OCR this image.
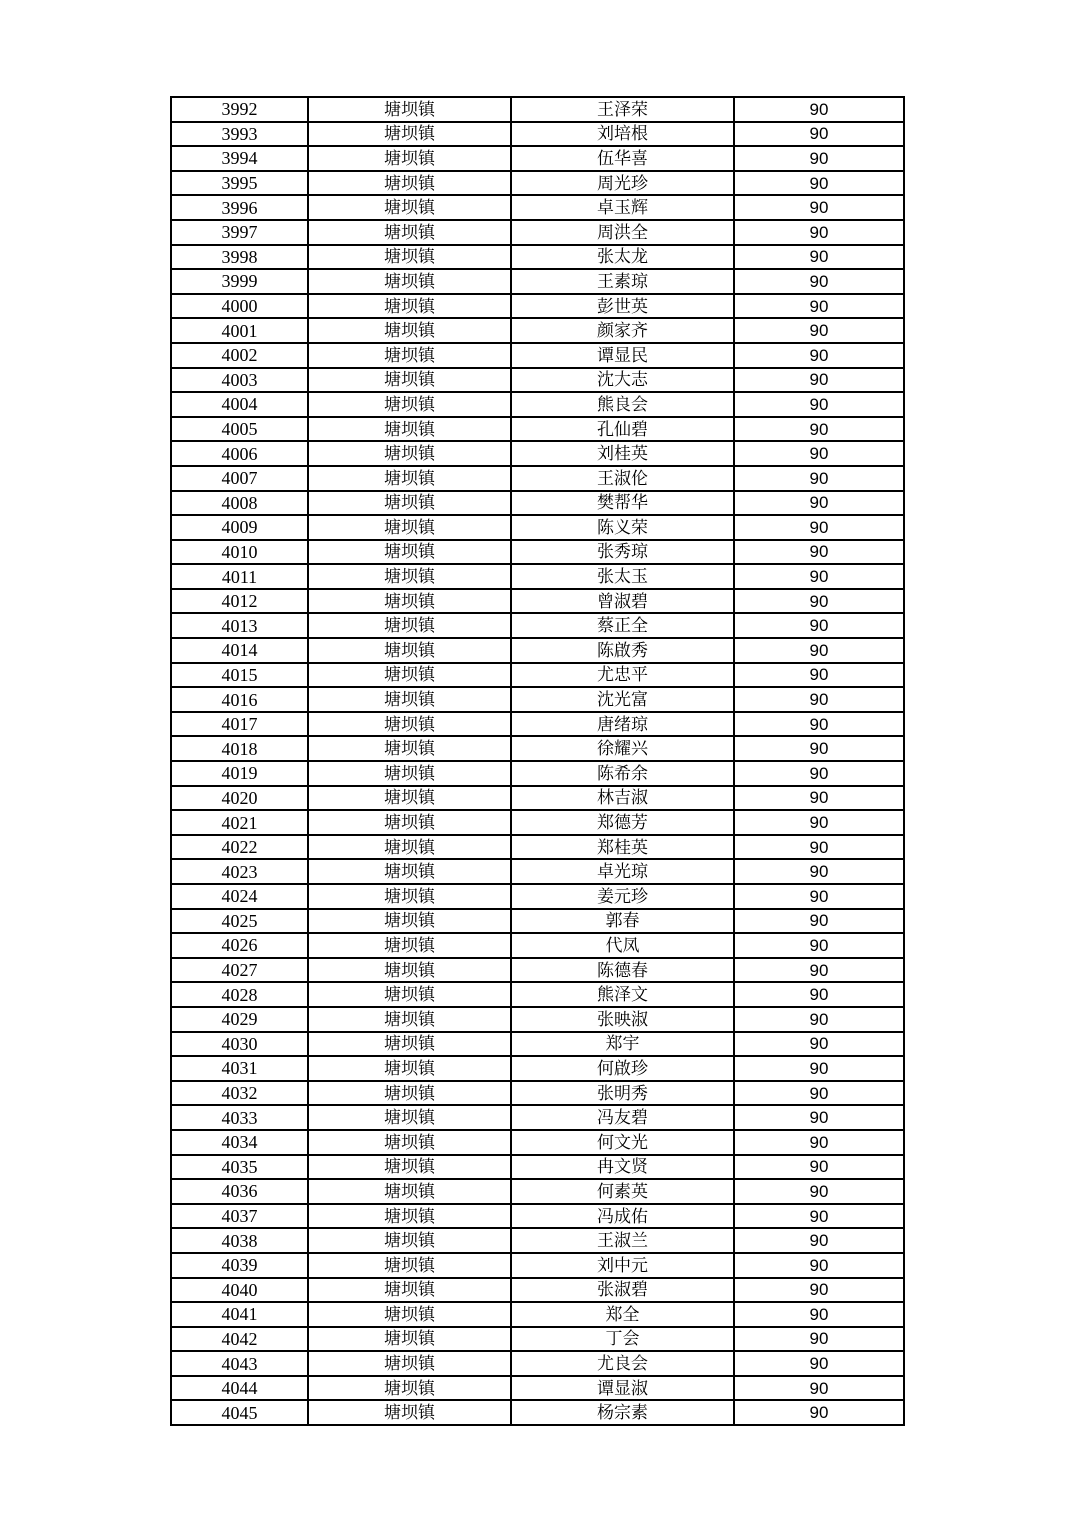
3992	塘坝镇	王泽荣	90
3993	塘坝镇	刘培根	90
3994	塘坝镇	伍华喜	90
3995	塘坝镇	周光珍	90
3996	塘坝镇	卓玉辉	90
3997	塘坝镇	周洪全	90
3998	塘坝镇	张太龙	90
3999	塘坝镇	王素琼	90
4000	塘坝镇	彭世英	90
4001	塘坝镇	颜家齐	90
4002	塘坝镇	谭显民	90
4003	塘坝镇	沈大志	90
4004	塘坝镇	熊良会	90
4005	塘坝镇	孔仙碧	90
4006	塘坝镇	刘桂英	90
4007	塘坝镇	王淑伦	90
4008	塘坝镇	樊帮华	90
4009	塘坝镇	陈义荣	90
4010	塘坝镇	张秀琼	90
4011	塘坝镇	张太玉	90
4012	塘坝镇	曾淑碧	90
4013	塘坝镇	蔡正全	90
4014	塘坝镇	陈啟秀	90
4015	塘坝镇	尤忠平	90
4016	塘坝镇	沈光富	90
4017	塘坝镇	唐绪琼	90
4018	塘坝镇	徐耀兴	90
4019	塘坝镇	陈希余	90
4020	塘坝镇	林吉淑	90
4021	塘坝镇	郑德芳	90
4022	塘坝镇	郑桂英	90
4023	塘坝镇	卓光琼	90
4024	塘坝镇	姜元珍	90
4025	塘坝镇	郭春	90
4026	塘坝镇	代凤	90
4027	塘坝镇	陈德春	90
4028	塘坝镇	熊泽文	90
4029	塘坝镇	张映淑	90
4030	塘坝镇	郑宇	90
4031	塘坝镇	何啟珍	90
4032	塘坝镇	张明秀	90
4033	塘坝镇	冯友碧	90
4034	塘坝镇	何文光	90
4035	塘坝镇	冉文贤	90
4036	塘坝镇	何素英	90
4037	塘坝镇	冯成佑	90
4038	塘坝镇	王淑兰	90
4039	塘坝镇	刘中元	90
4040	塘坝镇	张淑碧	90
4041	塘坝镇	郑全	90
4042	塘坝镇	丁会	90
4043	塘坝镇	尤良会	90
4044	塘坝镇	谭显淑	90
4045	塘坝镇	杨宗素	90
